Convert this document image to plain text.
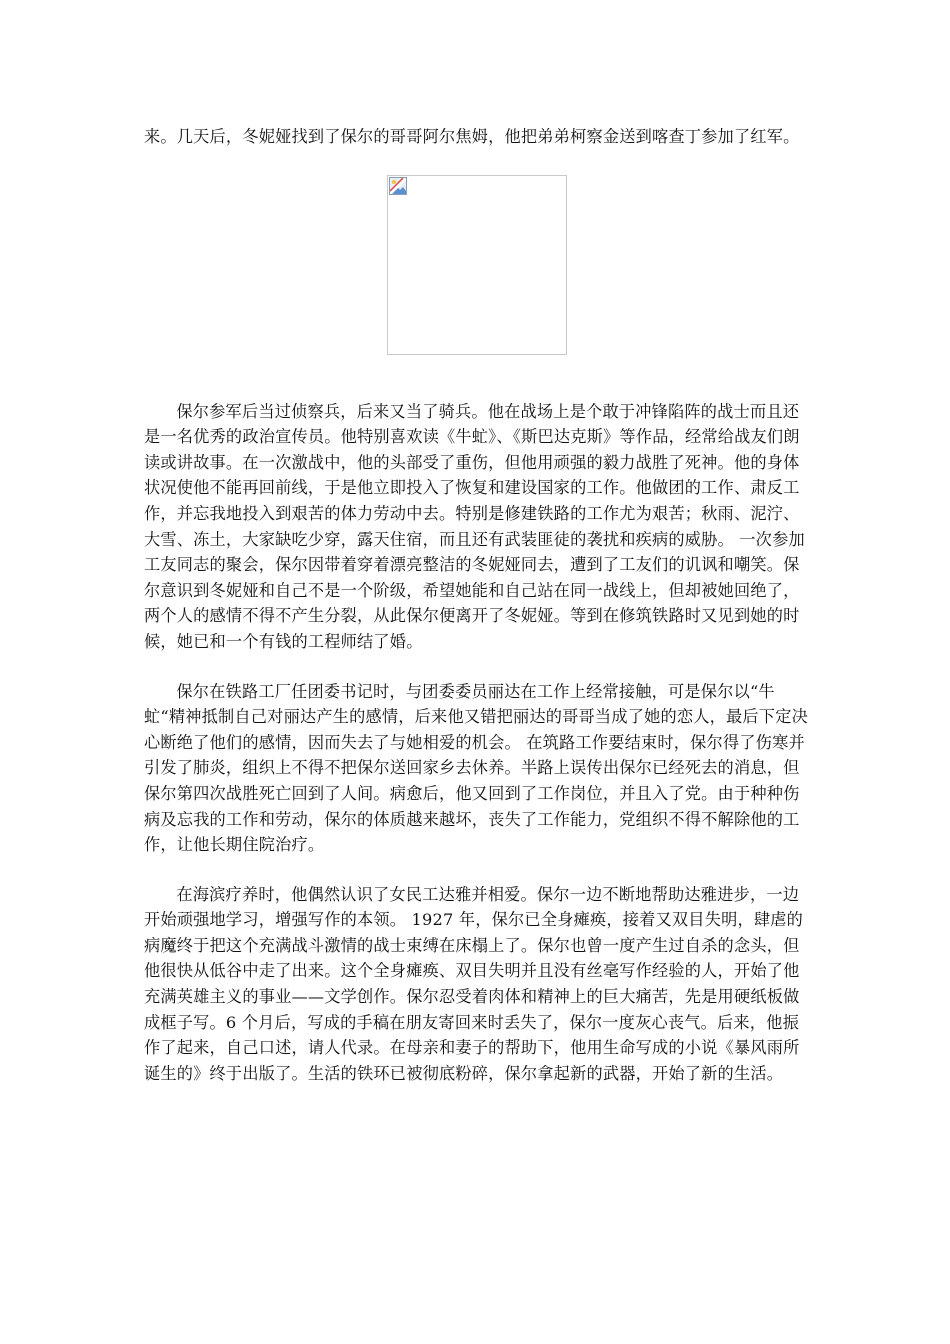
来。几天后，冬妮娅找到了保尔的哥哥阿尔焦姆，他把弟弟柯察金送到喀查丁参加了红军。

保尔参军后当过侦察兵，后来又当了骑兵。他在战场上是个敢于冲锋陷阵的战士而且还是一名优秀的政治宣传员。他特别喜欢读《牛虻》、《斯巴达克斯》等作品，经常给战友们朗读或讲故事。在一次激战中，他的头部受了重伤，但他用顽强的毅力战胜了死神。他的身体状况使他不能再回前线，于是他立即投入了恢复和建设国家的工作。他做团的工作、肃反工作，并忘我地投入到艰苦的体力劳动中去。特别是修建铁路的工作尤为艰苦；秋雨、泥泞、大雪、冻土，大家缺吃少穿，露天住宿，而且还有武装匪徒的袭扰和疾病的威胁。 一次参加工友同志的聚会，保尔因带着穿着漂亮整洁的冬妮娅同去，遭到了工友们的讥讽和嘲笑。保尔意识到冬妮娅和自己不是一个阶级，希望她能和自己站在同一战线上，但却被她回绝了，两个人的感情不得不产生分裂，从此保尔便离开了冬妮娅。等到在修筑铁路时又见到她的时候，她已和一个有钱的工程师结了婚。

保尔在铁路工厂任团委书记时，与团委委员丽达在工作上经常接触，可是保尔以“牛虻“精神抵制自己对丽达产生的感情，后来他又错把丽达的哥哥当成了她的恋人，最后下定决心断绝了他们的感情，因而失去了与她相爱的机会。 在筑路工作要结束时，保尔得了伤寒并引发了肺炎，组织上不得不把保尔送回家乡去休养。半路上误传出保尔已经死去的消息，但保尔第四次战胜死亡回到了人间。病愈后，他又回到了工作岗位，并且入了党。由于种种伤病及忘我的工作和劳动，保尔的体质越来越坏，丧失了工作能力，党组织不得不解除他的工作，让他长期住院治疗。

在海滨疗养时，他偶然认识了女民工达雅并相爱。保尔一边不断地帮助达雅进步，一边开始顽强地学习，增强写作的本领。 1927 年，保尔已全身瘫痪，接着又双目失明，肆虐的病魔终于把这个充满战斗激情的战士束缚在床榻上了。保尔也曾一度产生过自杀的念头，但他很快从低谷中走了出来。这个全身瘫痪、双目失明并且没有丝毫写作经验的人，开始了他充满英雄主义的事业——文学创作。保尔忍受着肉体和精神上的巨大痛苦，先是用硬纸板做成框子写。6 个月后，写成的手稿在朋友寄回来时丢失了，保尔一度灰心丧气。后来，他振作了起来，自己口述，请人代录。在母亲和妻子的帮助下，他用生命写成的小说《暴风雨所诞生的》终于出版了。生活的铁环已被彻底粉碎，保尔拿起新的武器，开始了新的生活。
